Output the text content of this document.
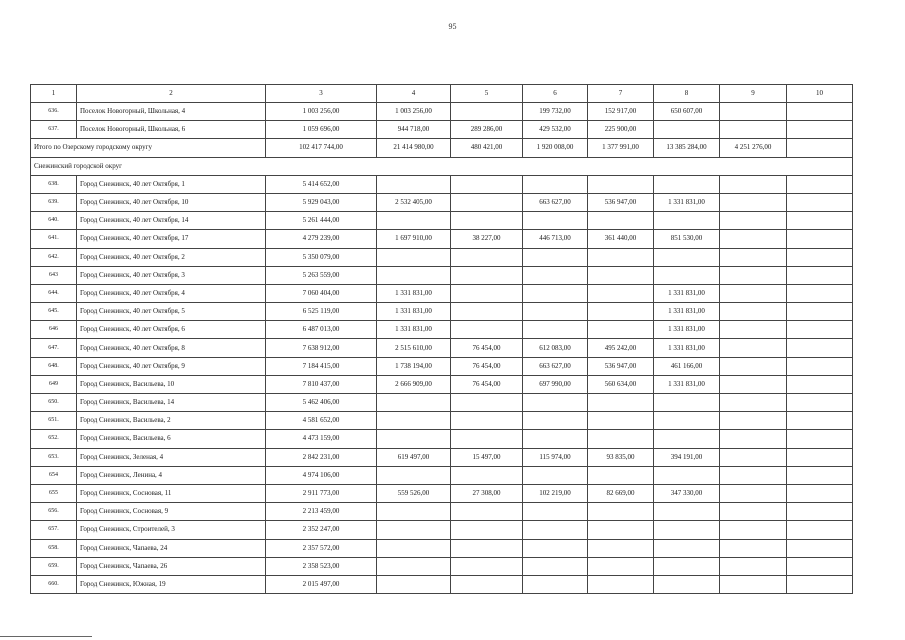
95
1	2	3	4	5	6	7	8	9	10
636.	Поселок Новогорный, Школьная, 4	1 003 256,00	1 003 256,00		199 732,00	152 917,00	650 607,00		
637.	Поселок Новогорный, Школьная, 6	1 059 696,00	944 718,00	289 286,00	429 532,00	225 900,00			
Итого по Озерскому городскому округу		102 417 744,00	21 414 980,00	480 421,00	1 920 008,00	1 377 991,00	13 385 284,00	4 251 276,00	
Снежинский городской округ									
638.	Город Снежинск, 40 лет Октября, 1	5 414 652,00							
639.	Город Снежинск, 40 лет Октября, 10	5 929 043,00	2 532 405,00		663 627,00	536 947,00	1 331 831,00		
640.	Город Снежинск, 40 лет Октября, 14	5 261 444,00							
641.	Город Снежинск, 40 лет Октября, 17	4 279 239,00	1 697 910,00	38 227,00	446 713,00	361 440,00	851 530,00		
642.	Город Снежинск, 40 лет Октября, 2	5 350 079,00							
643	Город Снежинск, 40 лет Октября, 3	5 263 559,00							
644.	Город Снежинск, 40 лет Октября, 4	7 060 404,00	1 331 831,00				1 331 831,00		
645.	Город Снежинск, 40 лет Октября, 5	6 525 119,00	1 331 831,00				1 331 831,00		
646	Город Снежинск, 40 лет Октября, 6	6 487 013,00	1 331 831,00				1 331 831,00		
647.	Город Снежинск, 40 лет Октября, 8	7 638 912,00	2 515 610,00	76 454,00	612 083,00	495 242,00	1 331 831,00		
648.	Город Снежинск, 40 лет Октября, 9	7 184 415,00	1 738 194,00	76 454,00	663 627,00	536 947,00	461 166,00		
649	Город Снежинск, Васильева, 10	7 810 437,00	2 666 909,00	76 454,00	697 990,00	560 634,00	1 331 831,00		
650.	Город Снежинск, Васильева, 14	5 462 406,00							
651.	Город Снежинск, Васильева, 2	4 581 652,00							
652.	Город Снежинск, Васильева, 6	4 473 159,00							
653.	Город Снежинск, Зеленая, 4	2 842 231,00	619 497,00	15 497,00	115 974,00	93 835,00	394 191,00		
654	Город Снежинск, Ленина, 4	4 974 106,00							
655	Город Снежинск, Сосновая, 11	2 911 773,00	559 526,00	27 308,00	102 219,00	82 669,00	347 330,00		
656.	Город Снежинск, Сосновая, 9	2 213 459,00							
657.	Город Снежинск, Строителей, 3	2 352 247,00							
658.	Город Снежинск, Чапаева, 24	2 357 572,00							
659.	Город Снежинск, Чапаева, 26	2 358 523,00							
660.	Город Снежинск, Южная, 19	2 015 497,00							
